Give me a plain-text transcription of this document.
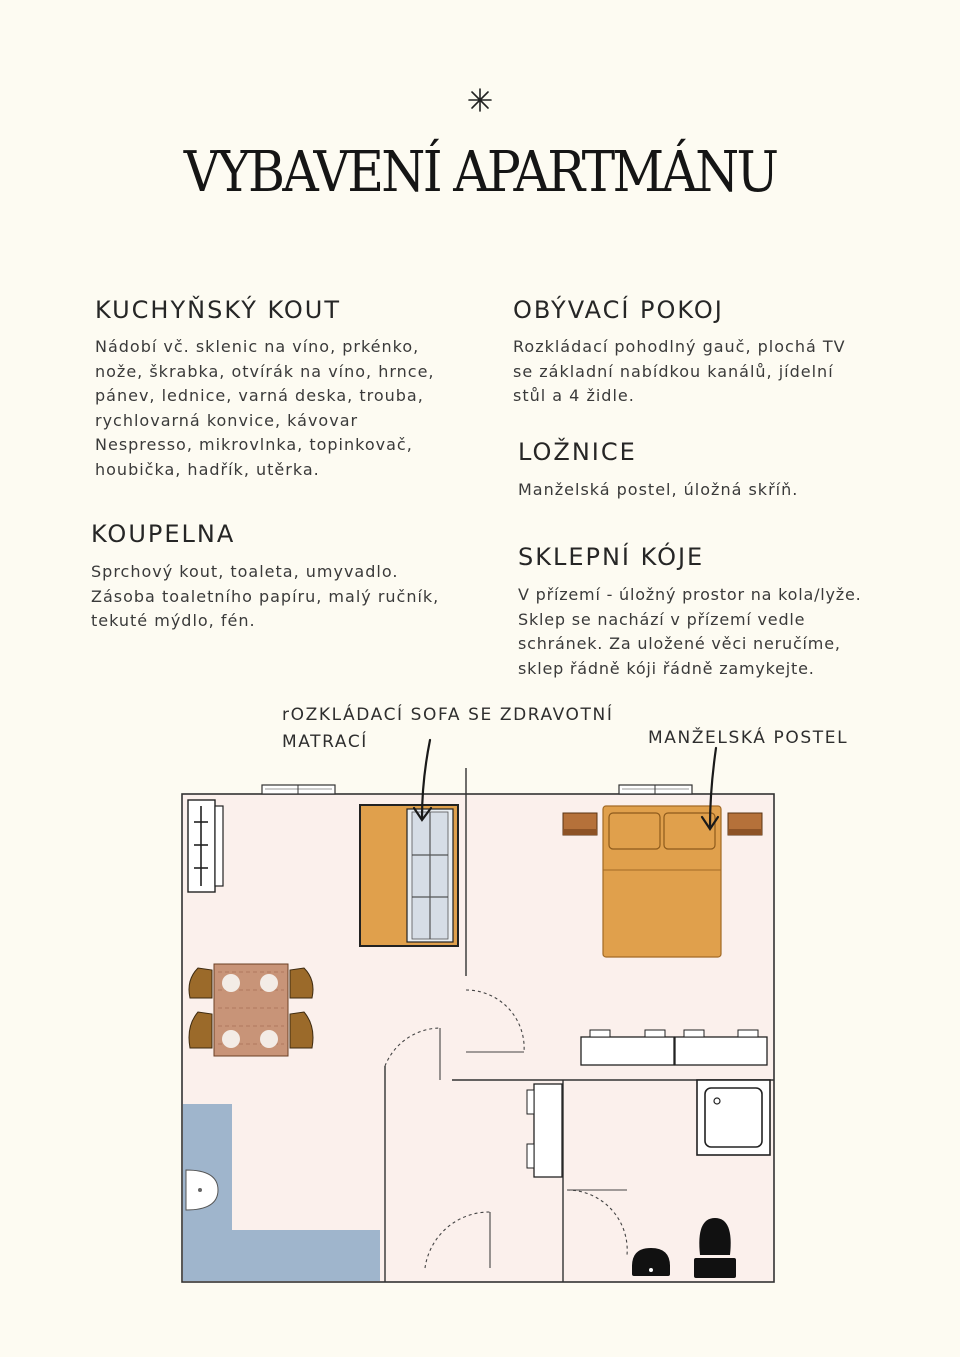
VYBAVENÍ APARTMÁNU
KUCHYŇSKÝ KOUT
Nádobí vč. sklenic na víno, prkénko,
nože, škrabka, otvírák na víno, hrnce,
pánev, lednice, varná deska, trouba,
rychlovarná konvice, kávovar
Nespresso, mikrovlnka, topinkovač,
houbička, hadřík, utěrka.
OBÝVACÍ POKOJ
Rozkládací pohodlný gauč, plochá TV
se základní nabídkou kanálů, jídelní
stůl a 4 židle.
LOŽNICE
Manželská postel, úložná skříň.
KOUPELNA
Sprchový kout, toaleta, umyvadlo.
Zásoba toaletního papíru, malý ručník,
tekuté mýdlo, fén.
SKLEPNÍ KÓJE
V přízemí - úložný prostor na kola/lyže.
Sklep se nachází v přízemí vedle
schránek. Za uložené věci neručíme,
sklep řádně kóji řádně zamykejte.
rOZKLÁDACÍ SOFA SE ZDRAVOTNÍ
MATRACÍ	MANŽELSKÁ POSTEL
